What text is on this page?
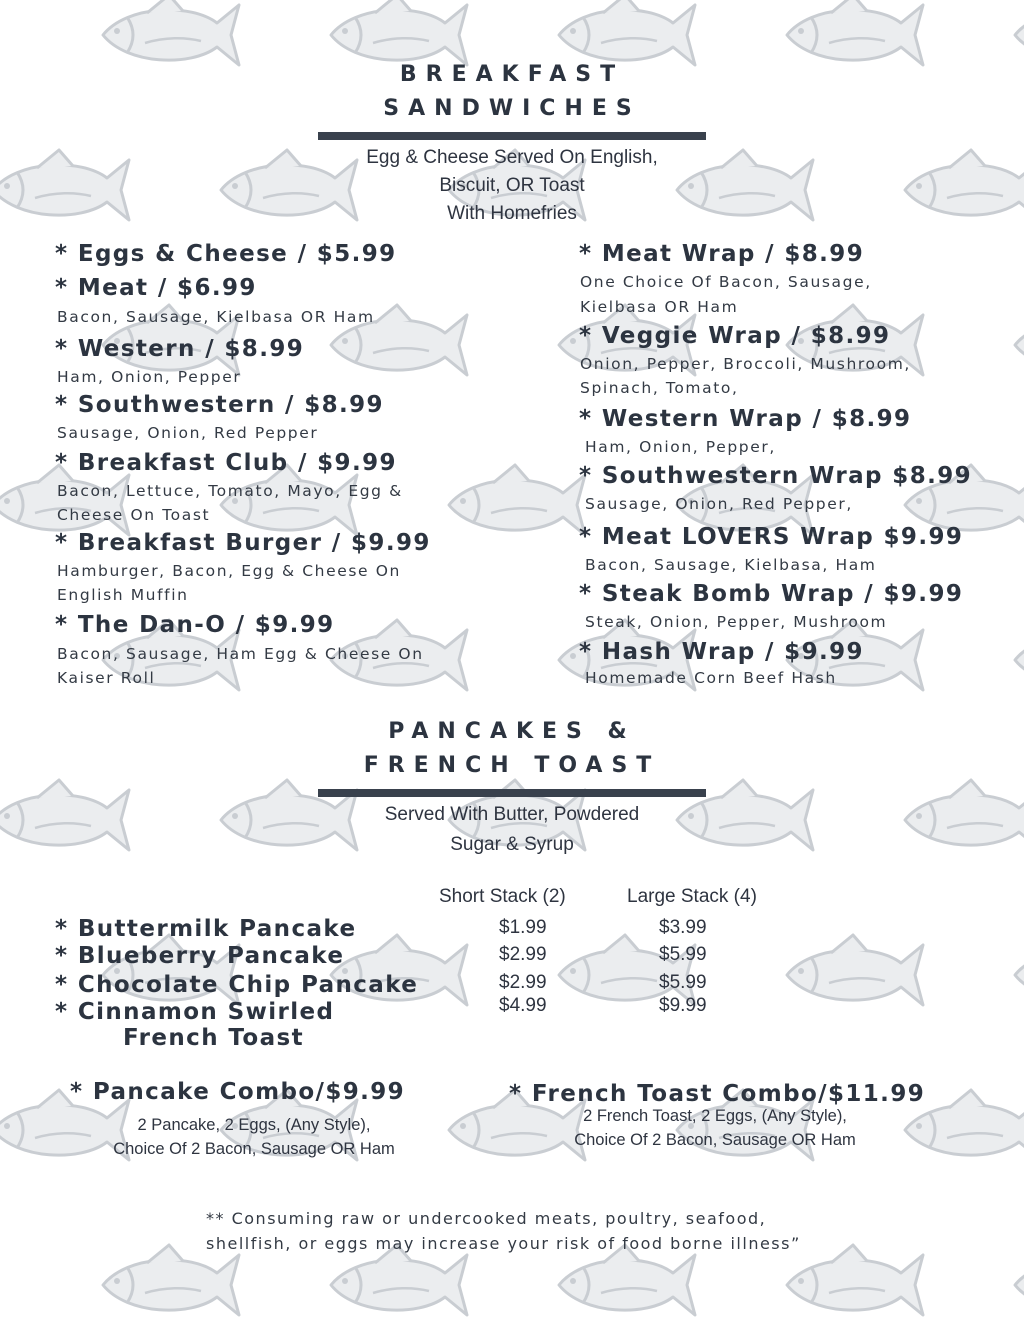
BREAKFAST
SANDWICHES
Egg & Cheese Served On English,
Biscuit, OR Toast
With Homefries
* Eggs & Cheese / $5.99
* Meat / $6.99
Bacon, Sausage, Kielbasa OR Ham
* Western / $8.99
Ham, Onion, Pepper
* Southwestern / $8.99
Sausage, Onion, Red Pepper
* Breakfast Club / $9.99
Bacon, Lettuce, Tomato, Mayo, Egg &
Cheese On Toast
* Breakfast Burger / $9.99
Hamburger, Bacon, Egg & Cheese On
English Muffin
* The Dan-O / $9.99
Bacon, Sausage, Ham Egg & Cheese On
Kaiser Roll
* Meat Wrap / $8.99
One Choice Of Bacon, Sausage,
Kielbasa OR Ham
* Veggie Wrap / $8.99
Onion, Pepper, Broccoli, Mushroom,
Spinach, Tomato,
* Western Wrap / $8.99
Ham, Onion, Pepper,
* Southwestern Wrap $8.99
Sausage, Onion, Red Pepper,
* Meat LOVERS Wrap $9.99
Bacon, Sausage, Kielbasa, Ham
* Steak Bomb Wrap / $9.99
Steak, Onion, Pepper, Mushroom
* Hash Wrap / $9.99
Homemade Corn Beef Hash
PANCAKES &
FRENCH TOAST
Served With Butter, Powdered
Sugar & Syrup
Short Stack (2)	Large Stack (4)
* Buttermilk Pancake	$1.99	$3.99
* Blueberry Pancake	$2.99	$5.99
* Chocolate Chip Pancake	$2.99	$5.99
* Cinnamon Swirled
French Toast
$4.99	$9.99
* Pancake Combo/$9.99
2 Pancake, 2 Eggs, (Any Style),
Choice Of 2 Bacon, Sausage OR Ham
* French Toast Combo/$11.99
2 French Toast, 2 Eggs, (Any Style),
Choice Of 2 Bacon, Sausage OR Ham
** Consuming raw or undercooked meats, poultry, seafood,
shellfish, or eggs may increase your risk of food borne illness”
